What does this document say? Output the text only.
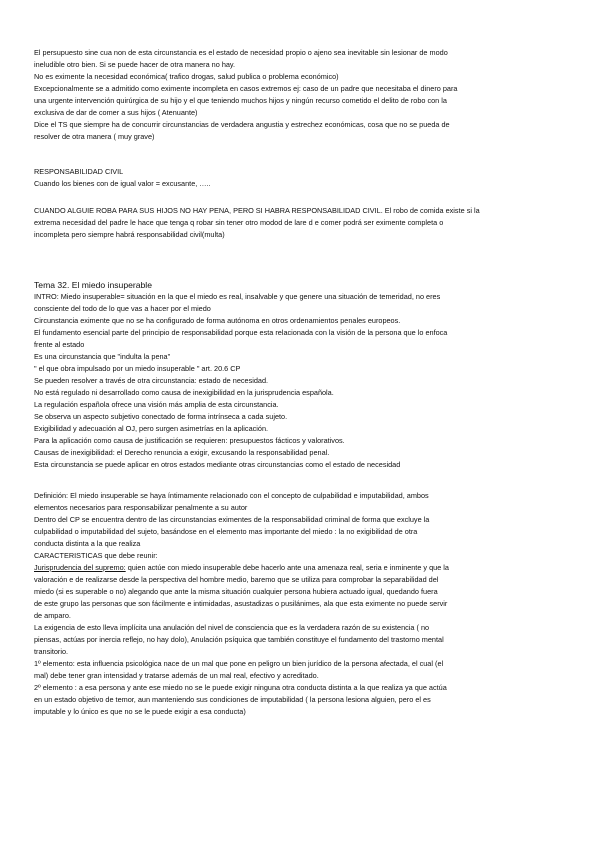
El persupuesto sine cua non de esta circunstancia es el estado de necesidad propio o ajeno sea inevitable sin lesionar de modo
ineludible otro bien. Si se puede hacer de otra manera no hay.
No es eximente la necesidad económica( trafico drogas, salud publica o problema económico)
Excepcionalmente se a admitido como eximente incompleta en casos extremos ej: caso de un padre que necesitaba el dinero para
una urgente intervención quirúrgica de su hijo y el que teniendo muchos hijos y ningún recurso cometido el delito de robo con la
exclusiva de dar de comer a sus hijos ( Atenuante)
Dice el TS que siempre ha de concurrir circunstancias de verdadera angustia y estrechez económicas, cosa que no se pueda de
resolver de otra manera ( muy grave)
RESPONSABILIDAD CIVIL
Cuando los bienes con de igual valor = excusante, …..
CUANDO ALGUIE ROBA PARA SUS HIJOS NO HAY PENA, PERO SI HABRA RESPONSABILIDAD CIVIL. El robo de comida existe si la
extrema necesidad del padre le hace que tenga q robar sin tener otro modod de lare d e comer podrá ser eximente completa o
incompleta pero siempre habrá responsabilidad civil(multa)
Tema 32. El miedo insuperable
INTRO: Miedo insuperable= situación en la que el miedo es real, insalvable y que genere una situación de temeridad, no eres
consciente del todo de lo que vas a hacer por el miedo
Circunstancia eximente que no se ha configurado de forma autónoma en otros ordenamientos penales europeos.
El fundamento esencial parte del principio de responsabilidad porque esta relacionada con la visión de la persona que lo enfoca
frente al estado
Es una circunstancia que "indulta la pena"
" el que obra impulsado por un miedo insuperable " art. 20.6 CP
Se pueden resolver a través de otra circunstancia: estado de necesidad.
No está regulado ni desarrollado como causa de inexigibilidad en la jurisprudencia española.
La regulación española ofrece una visión más amplia de esta circunstancia.
Se observa un aspecto subjetivo conectado de forma intrínseca a cada sujeto.
Exigibilidad y adecuación al OJ, pero surgen asimetrías en la aplicación.
Para la aplicación como causa de justificación se requieren: presupuestos fácticos y valorativos.
Causas de inexigibilidad: el Derecho renuncia a exigir, excusando la responsabilidad penal.
Esta circunstancia se puede aplicar en otros estados mediante otras circunstancias como el estado de necesidad
Definición: El miedo insuperable se haya íntimamente relacionado con el concepto de culpabilidad e imputabilidad, ambos
elementos necesarios para responsabilizar penalmente a su autor
Dentro del CP se encuentra dentro de las circunstancias eximentes de la responsabilidad criminal de forma que excluye la
culpabilidad o imputabilidad del sujeto, basándose en el elemento mas importante del miedo : la no exigibilidad de otra
conducta distinta a la que realiza
CARACTERISTICAS que debe reunir:
Jurisprudencia del supremo: quien actúe con miedo insuperable debe hacerlo ante una amenaza real, seria e inminente y que la
valoración e de realizarse desde la perspectiva del hombre medio, baremo que se utiliza para comprobar la separabilidad del
miedo (si es superable o no) alegando que ante la misma situación cualquier persona hubiera actuado igual, quedando fuera
de este grupo las personas que son fácilmente e intimidadas, asustadizas o pusilánimes, ala que esta eximente no puede servir
de amparo.
La exigencia de esto lleva implícita una anulación del nivel de consciencia que es la verdadera razón de su existencia ( no
piensas, actúas por inercia reflejo, no hay dolo), Anulación psíquica que también constituye el fundamento del trastorno mental
transitorio.
1º elemento: esta influencia psicológica nace de un mal que pone en peligro un bien jurídico de la persona afectada, el cual (el
mal) debe tener gran intensidad y tratarse además de un mal real, efectivo y acreditado.
2º elemento : a esa persona y ante ese miedo no se le puede exigir ninguna otra conducta distinta a la que realiza ya que actúa
en un estado objetivo de temor, aun manteniendo sus condiciones de imputabilidad ( la persona lesiona alguien, pero el es
imputable y lo único es que no se le puede exigir a esa conducta)
